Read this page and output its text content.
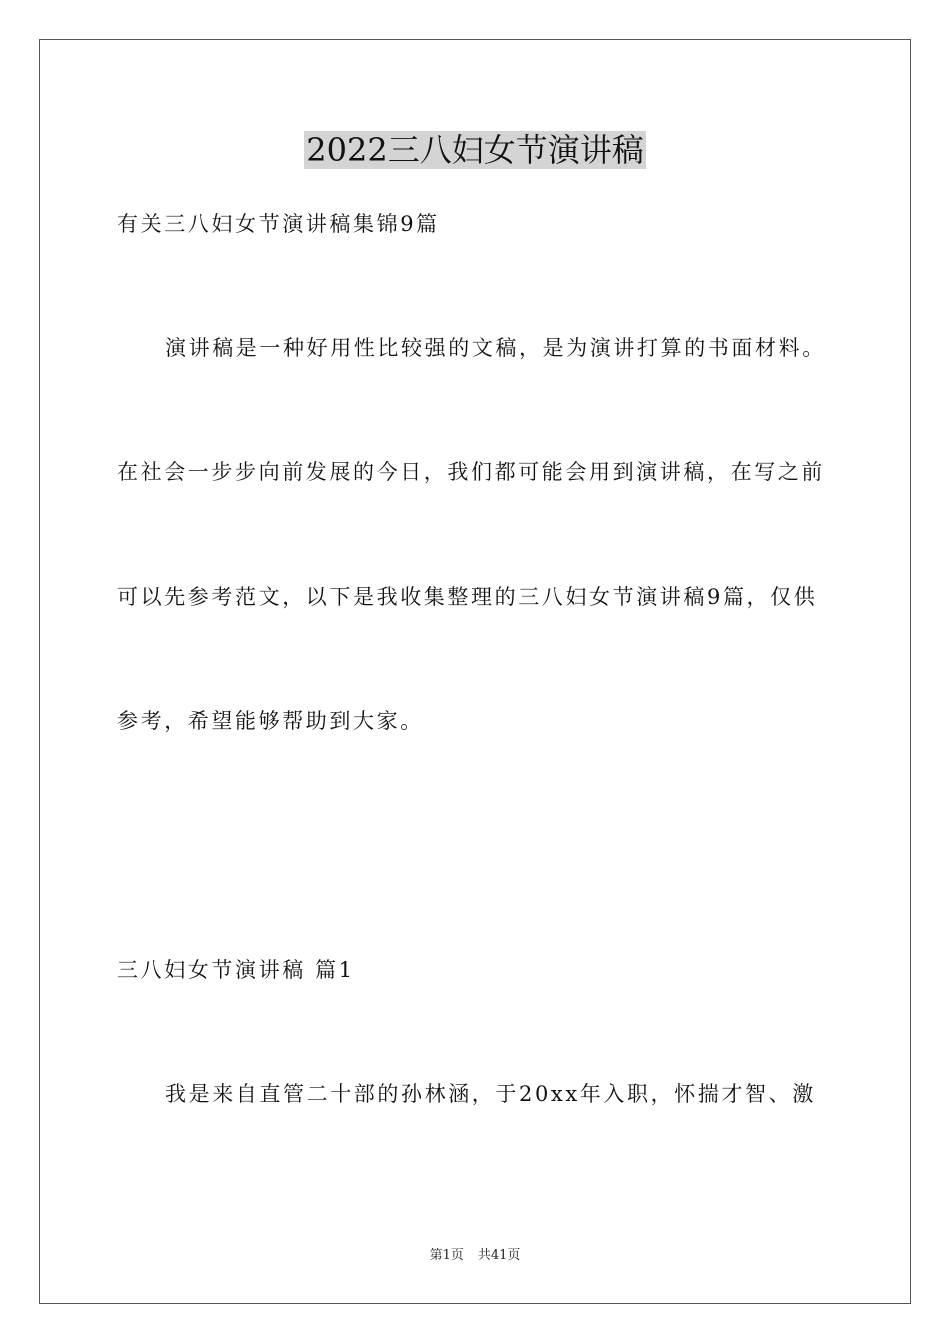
2022三八妇女节演讲稿
有关三八妇女节演讲稿集锦9篇
演讲稿是一种好用性比较强的文稿，是为演讲打算的书面材料。
在社会一步步向前发展的今日，我们都可能会用到演讲稿，在写之前
可以先参考范文，以下是我收集整理的三八妇女节演讲稿9篇，仅供
参考，希望能够帮助到大家。
三八妇女节演讲稿 篇1
我是来自直管二十部的孙林涵，于20xx年入职，怀揣才智、激
第1页 共41页
